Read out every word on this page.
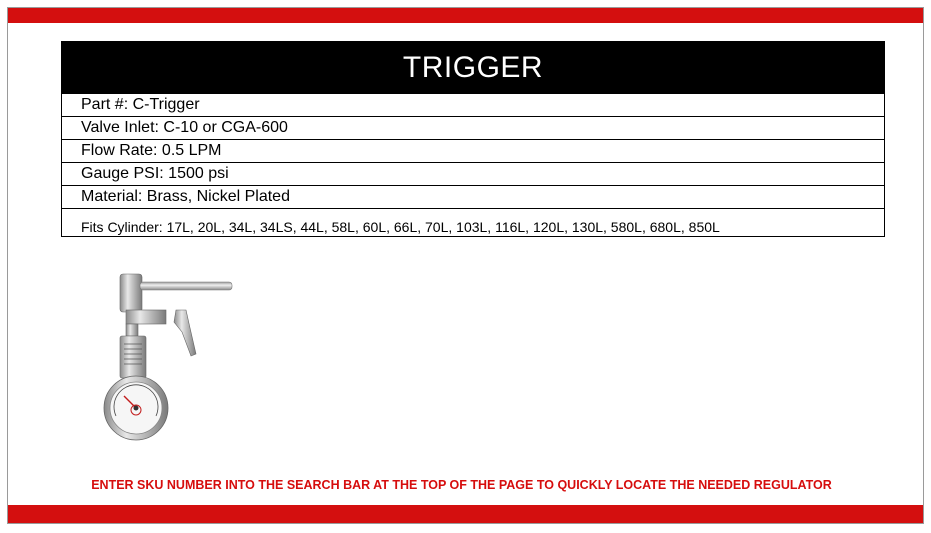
TRIGGER
Part #: C-Trigger
Valve Inlet: C-10 or CGA-600
Flow Rate: 0.5 LPM
Gauge PSI: 1500 psi
Material: Brass, Nickel Plated
Fits Cylinder: 17L, 20L, 34L, 34LS, 44L, 58L, 60L, 66L, 70L, 103L, 116L, 120L, 130L, 580L, 680L, 850L
ENTER SKU NUMBER INTO THE SEARCH BAR AT THE TOP OF THE PAGE TO QUICKLY LOCATE THE NEEDED REGULATOR
